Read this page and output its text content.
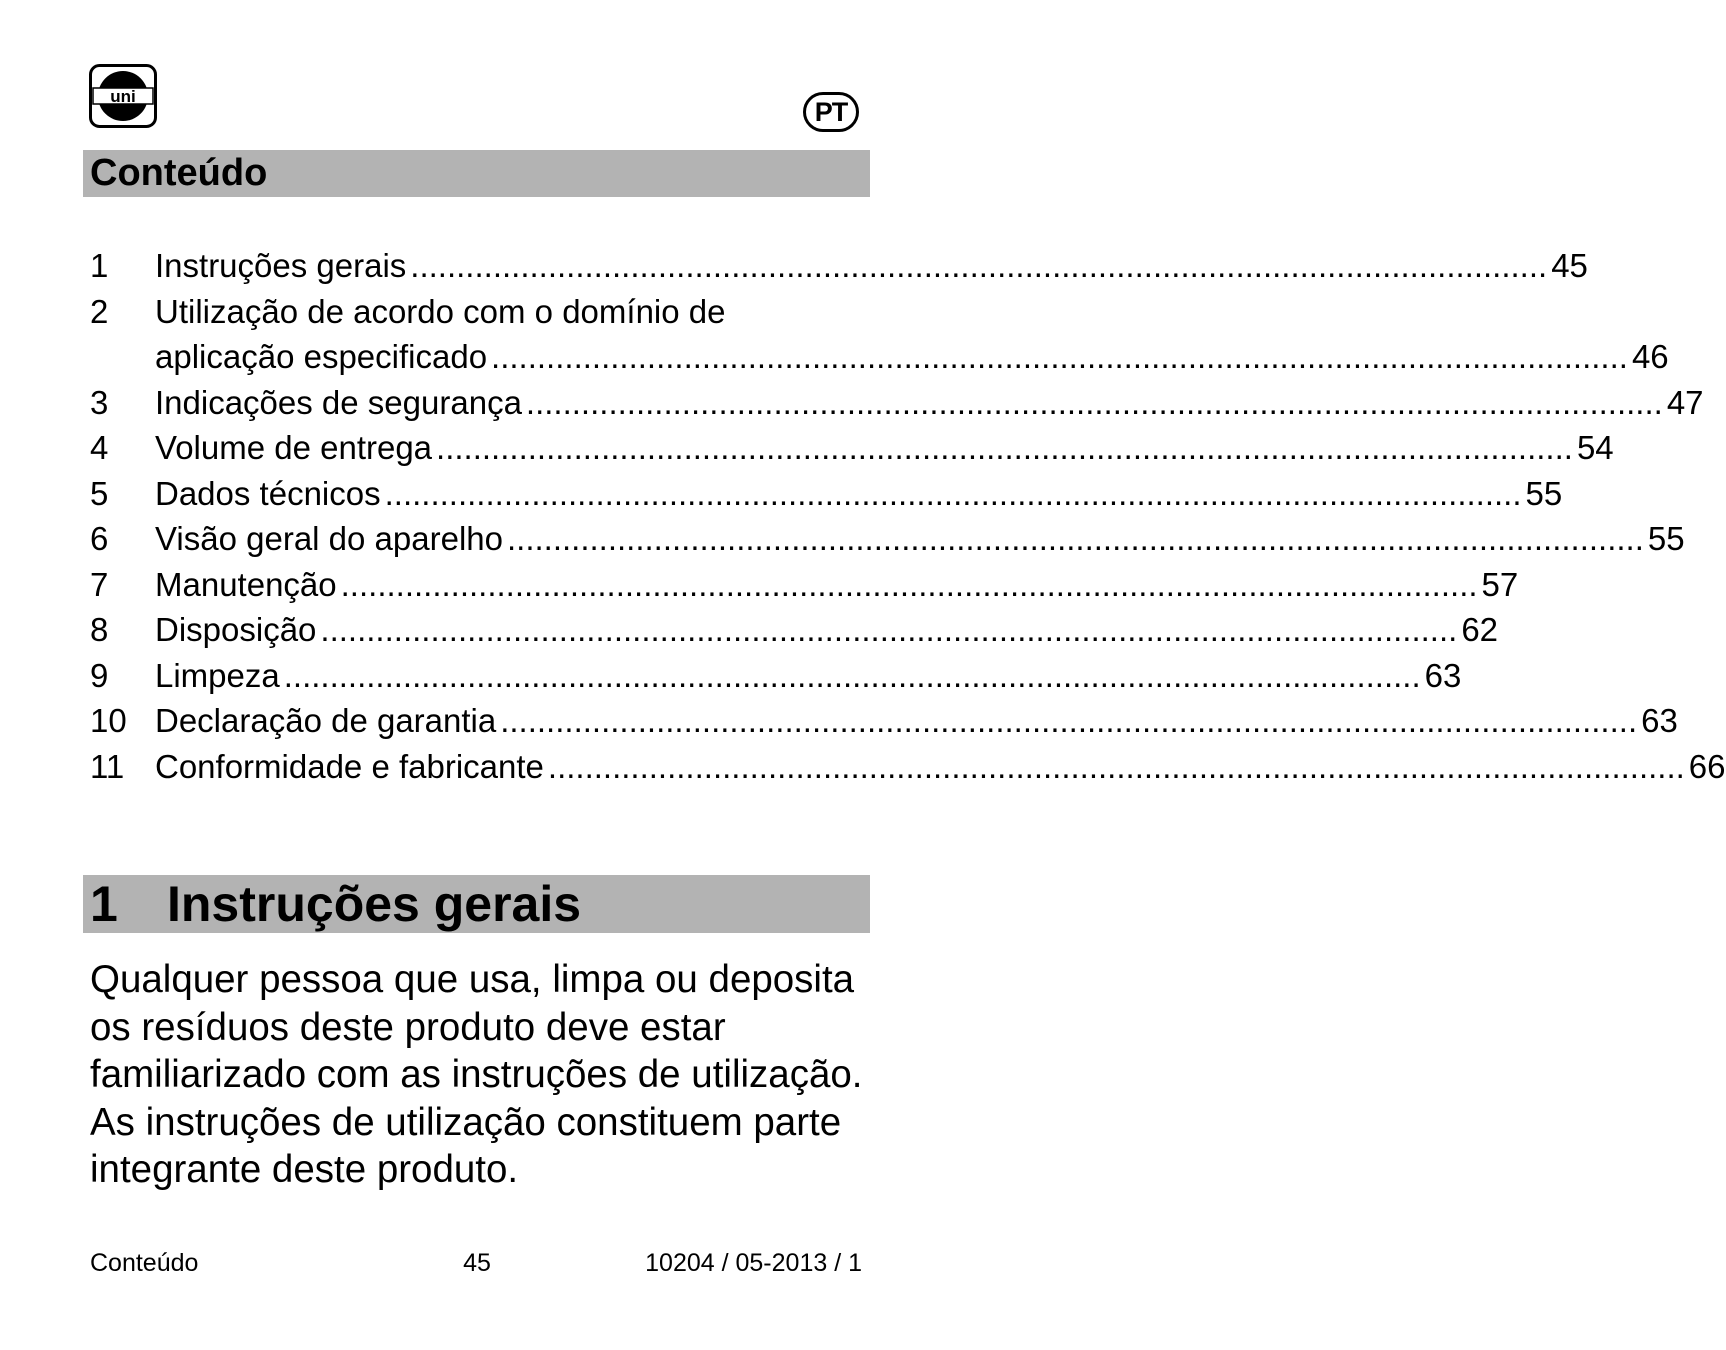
uni	PT
Conteúdo
1	Instruções gerais ............................................................................................................................ 45
2	Utilização de acordo com o domínio de
aplicação especificado ............................................................................................................................ 46
3	Indicações de segurança ............................................................................................................................ 47
4	Volume de entrega ............................................................................................................................ 54
5	Dados técnicos ............................................................................................................................ 55
6	Visão geral do aparelho ............................................................................................................................ 55
7	Manutenção ............................................................................................................................ 57
8	Disposição ............................................................................................................................ 62
9	Limpeza ............................................................................................................................ 63
10 Declaração de garantia ............................................................................................................................ 63
11 Conformidade e fabricante ............................................................................................................................ 66
1 Instruções gerais
Qualquer pessoa que usa, limpa ou deposita os resíduos deste produto deve estar familiarizado com as instruções de utilização. As instruções de utilização constituem parte integrante deste produto.
Conteúdo	45	10204 / 05-2013 / 1
